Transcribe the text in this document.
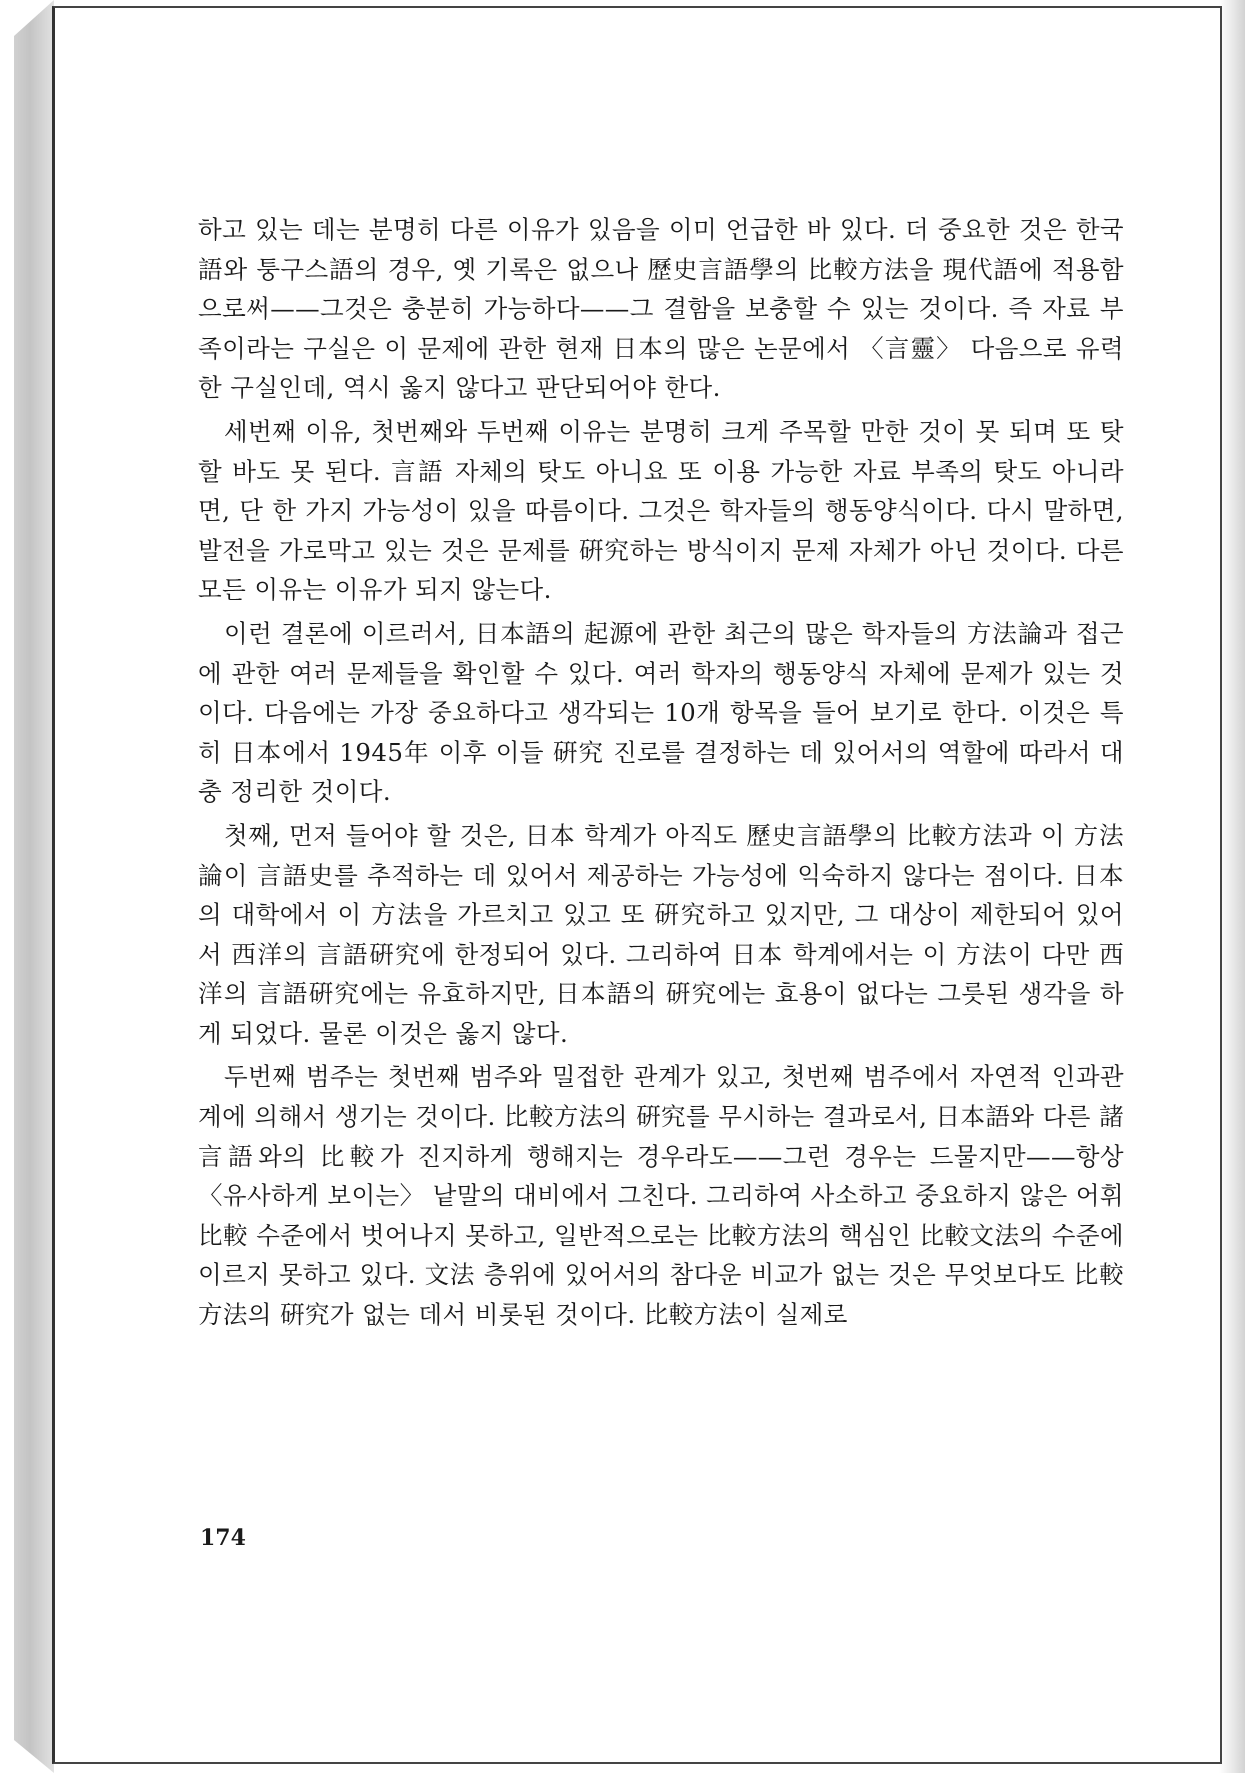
하고 있는 데는 분명히 다른 이유가 있음을 이미 언급한 바 있다. 더 중요한 것은 한국語와 퉁구스語의 경우, 옛 기록은 없으나 歷史言語學의 比較方法을 現代語에 적용함으로써——그것은 충분히 가능하다——그 결함을 보충할 수 있는 것이다. 즉 자료 부족이라는 구실은 이 문제에 관한 현재 日本의 많은 논문에서 〈言靈〉 다음으로 유력한 구실인데, 역시 옳지 않다고 판단되어야 한다.

세번째 이유, 첫번째와 두번째 이유는 분명히 크게 주목할 만한 것이 못 되며 또 탓할 바도 못 된다. 言語 자체의 탓도 아니요 또 이용 가능한 자료 부족의 탓도 아니라면, 단 한 가지 가능성이 있을 따름이다. 그것은 학자들의 행동양식이다. 다시 말하면, 발전을 가로막고 있는 것은 문제를 硏究하는 방식이지 문제 자체가 아닌 것이다. 다른 모든 이유는 이유가 되지 않는다.

이런 결론에 이르러서, 日本語의 起源에 관한 최근의 많은 학자들의 方法論과 접근에 관한 여러 문제들을 확인할 수 있다. 여러 학자의 행동양식 자체에 문제가 있는 것이다. 다음에는 가장 중요하다고 생각되는 10개 항목을 들어 보기로 한다. 이것은 특히 日本에서 1945年 이후 이들 硏究 진로를 결정하는 데 있어서의 역할에 따라서 대충 정리한 것이다.

첫째, 먼저 들어야 할 것은, 日本 학계가 아직도 歷史言語學의 比較方法과 이 方法論이 言語史를 추적하는 데 있어서 제공하는 가능성에 익숙하지 않다는 점이다. 日本의 대학에서 이 方法을 가르치고 있고 또 硏究하고 있지만, 그 대상이 제한되어 있어서 西洋의 言語硏究에 한정되어 있다. 그리하여 日本 학계에서는 이 方法이 다만 西洋의 言語硏究에는 유효하지만, 日本語의 硏究에는 효용이 없다는 그릇된 생각을 하게 되었다. 물론 이것은 옳지 않다.

두번째 범주는 첫번째 범주와 밀접한 관계가 있고, 첫번째 범주에서 자연적 인과관계에 의해서 생기는 것이다. 比較方法의 硏究를 무시하는 결과로서, 日本語와 다른 諸言語와의 比較가 진지하게 행해지는 경우라도——그런 경우는 드물지만——항상 〈유사하게 보이는〉 낱말의 대비에서 그친다. 그리하여 사소하고 중요하지 않은 어휘比較 수준에서 벗어나지 못하고, 일반적으로는 比較方法의 핵심인 比較文法의 수준에 이르지 못하고 있다. 文法 층위에 있어서의 참다운 비교가 없는 것은 무엇보다도 比較方法의 硏究가 없는 데서 비롯된 것이다. 比較方法이 실제로

174
